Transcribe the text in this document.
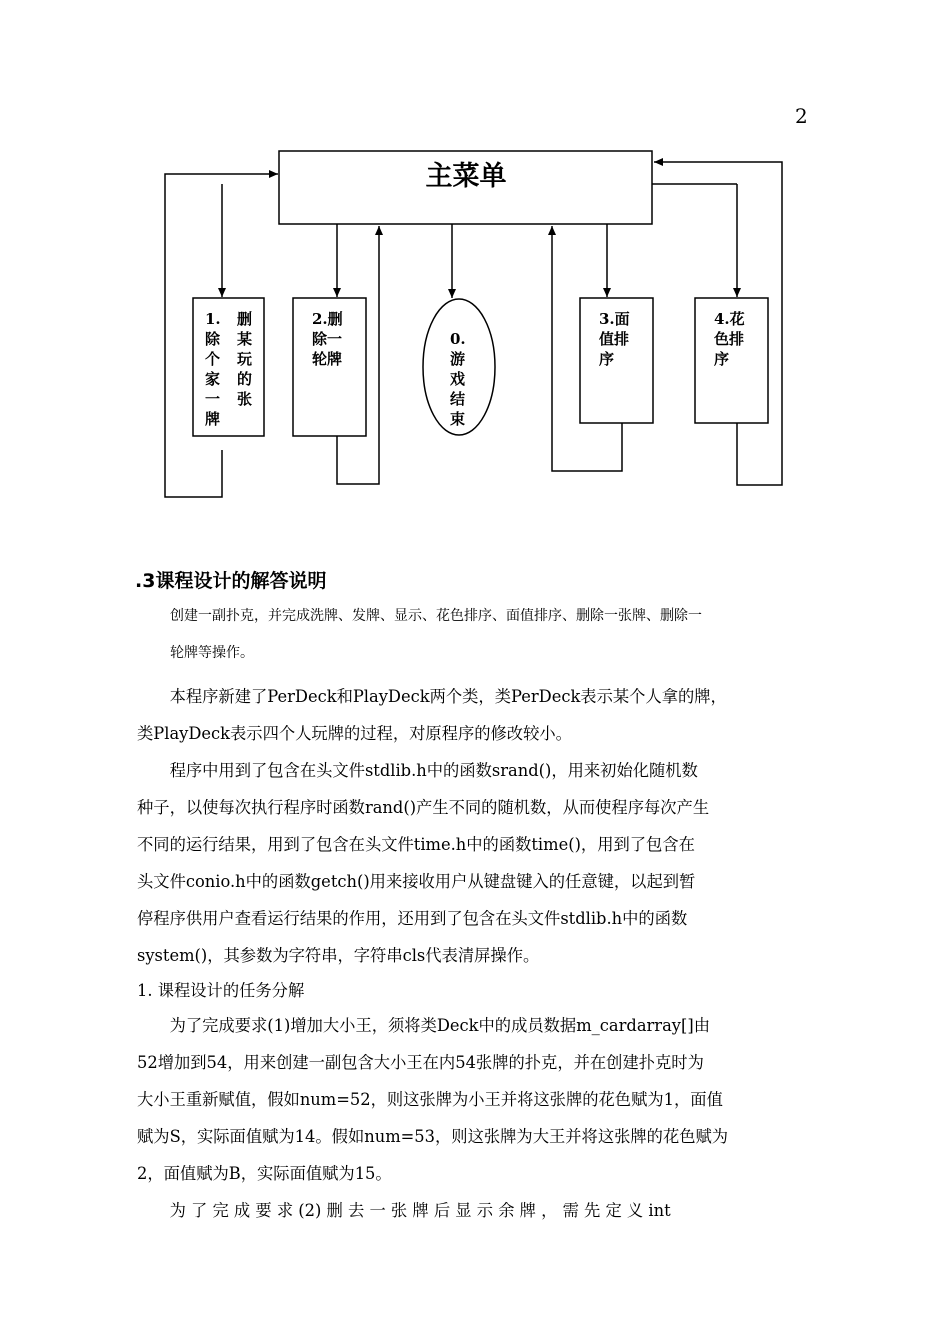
2
主菜单
1.
除
个
家
一
牌
删
某
玩
的
张
2.删
除一
轮牌
0.
游
戏
结
束
3.面
值排
序
4.花
色排
序
.3课程设计的解答说明
创建一副扑克，并完成洗牌、发牌、显示、花色排序、面值排序、删除一张牌、删除一
轮牌等操作。
　　本程序新建了PerDeck和PlayDeck两个类，类PerDeck表示某个人拿的牌，
类PlayDeck表示四个人玩牌的过程，对原程序的修改较小。
　　程序中用到了包含在头文件stdlib.h中的函数srand()，用来初始化随机数
种子，以使每次执行程序时函数rand()产生不同的随机数，从而使程序每次产生
不同的运行结果，用到了包含在头文件time.h中的函数time()，用到了包含在
头文件conio.h中的函数getch()用来接收用户从键盘键入的任意键，以起到暂
停程序供用户查看运行结果的作用，还用到了包含在头文件stdlib.h中的函数
system()，其参数为字符串，字符串cls代表清屏操作。
1. 课程设计的任务分解
　　为了完成要求(1)增加大小王，须将类Deck中的成员数据m_cardarray[]由
52增加到54，用来创建一副包含大小王在内54张牌的扑克，并在创建扑克时为
大小王重新赋值，假如num=52，则这张牌为小王并将这张牌的花色赋为1，面值
赋为S，实际面值赋为14。假如num=53，则这张牌为大王并将这张牌的花色赋为
2，面值赋为B，实际面值赋为15。
　　为 了 完 成 要 求 (2) 删 去 一 张 牌 后 显 示 余 牌 ， 需 先 定 义 int
